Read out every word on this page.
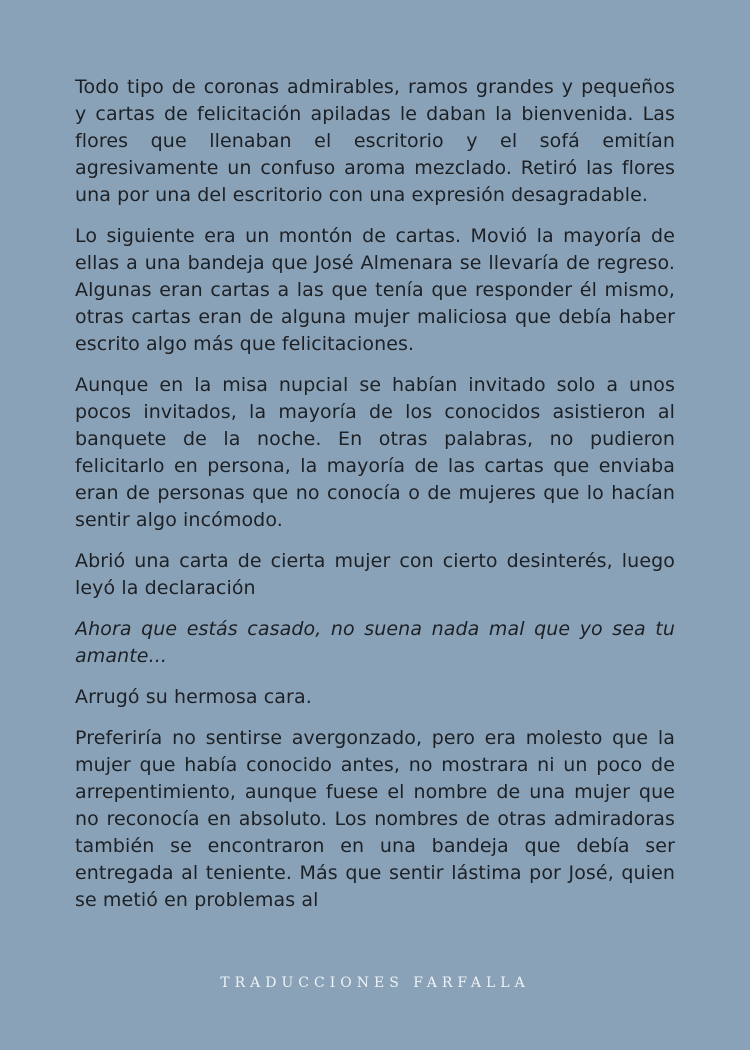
Todo tipo de coronas admirables, ramos grandes y pequeños y cartas de felicitación apiladas le daban la bienvenida. Las flores que llenaban el escritorio y el sofá emitían agresivamente un confuso aroma mezclado. Retiró las flores una por una del escritorio con una expresión desagradable.

Lo siguiente era un montón de cartas. Movió la mayoría de ellas a una bandeja que José Almenara se llevaría de regreso. Algunas eran cartas a las que tenía que responder él mismo, otras cartas eran de alguna mujer maliciosa que debía haber escrito algo más que felicitaciones.

Aunque en la misa nupcial se habían invitado solo a unos pocos invitados, la mayoría de los conocidos asistieron al banquete de la noche. En otras palabras, no pudieron felicitarlo en persona, la mayoría de las cartas que enviaba eran de personas que no conocía o de mujeres que lo hacían sentir algo incómodo.

Abrió una carta de cierta mujer con cierto desinterés, luego leyó la declaración

Ahora que estás casado, no suena nada mal que yo sea tu amante...

Arrugó su hermosa cara.

Preferiría no sentirse avergonzado, pero era molesto que la mujer que había conocido antes, no mostrara ni un poco de arrepentimiento, aunque fuese el nombre de una mujer que no reconocía en absoluto. Los nombres de otras admiradoras también se encontraron en una bandeja que debía ser entregada al teniente. Más que sentir lástima por José, quien se metió en problemas al

TRADUCCIONES FARFALLA
